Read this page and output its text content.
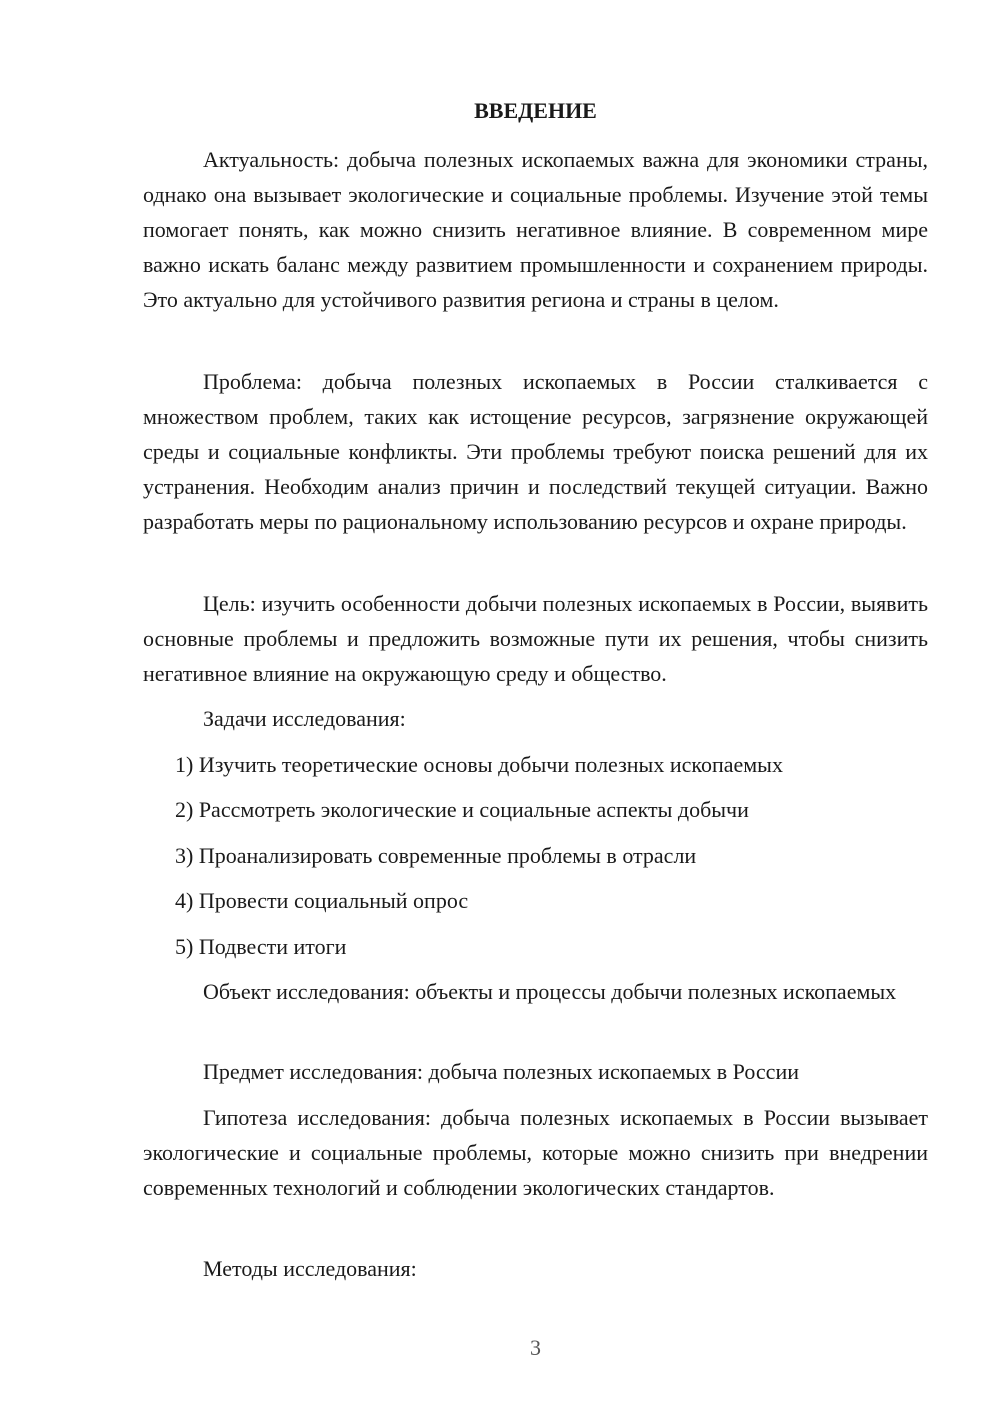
ВВЕДЕНИЕ

Актуальность: добыча полезных ископаемых важна для экономики страны, однако она вызывает экологические и социальные проблемы. Изучение этой темы помогает понять, как можно снизить негативное влияние. В современном мире важно искать баланс между развитием промышленности и сохранением природы. Это актуально для устойчивого развития региона и страны в целом.

Проблема: добыча полезных ископаемых в России сталкивается с множеством проблем, таких как истощение ресурсов, загрязнение окружающей среды и социальные конфликты. Эти проблемы требуют поиска решений для их устранения. Необходим анализ причин и последствий текущей ситуации. Важно разработать меры по рациональному использованию ресурсов и охране природы.

Цель: изучить особенности добычи полезных ископаемых в России, выявить основные проблемы и предложить возможные пути их решения, чтобы снизить негативное влияние на окружающую среду и общество.

Задачи исследования:

1) Изучить теоретические основы добычи полезных ископаемых

2) Рассмотреть экологические и социальные аспекты добычи

3) Проанализировать современные проблемы в отрасли

4) Провести социальный опрос

5) Подвести итоги

Объект исследования: объекты и процессы добычи полезных ископаемых

Предмет исследования: добыча полезных ископаемых в России

Гипотеза исследования: добыча полезных ископаемых в России вызывает экологические и социальные проблемы, которые можно снизить при внедрении современных технологий и соблюдении экологических стандартов.

Методы исследования:

3
